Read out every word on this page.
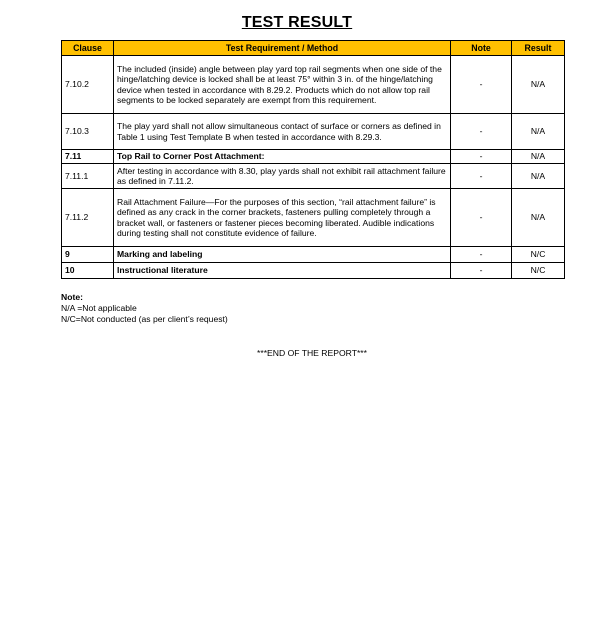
TEST RESULT
Clause	Test Requirement / Method	Note	Result
7.10.2	The included (inside) angle between play yard top rail segments when one side of the hinge/latching device is locked shall be at least 75° within 3 in. of the hinge/latching device when tested in accordance with 8.29.2. Products which do not allow top rail segments to be locked separately are exempt from this requirement.	-	N/A
7.10.3	The play yard shall not allow simultaneous contact of surface or corners as defined in Table 1 using Test Template B when tested in accordance with 8.29.3.	-	N/A
7.11	Top Rail to Corner Post Attachment:	-	N/A
7.11.1	After testing in accordance with 8.30, play yards shall not exhibit rail attachment failure as defined in 7.11.2.	-	N/A
7.11.2	Rail Attachment Failure—For the purposes of this section, “rail attachment failure” is defined as any crack in the corner brackets, fasteners pulling completely through a bracket wall, or fasteners or fastener pieces becoming liberated. Audible indications during testing shall not constitute evidence of failure.	-	N/A
9	Marking and labeling	-	N/C
10	Instructional literature	-	N/C
Note:
N/A =Not applicable
N/C=Not conducted (as per client’s request)
***END OF THE REPORT***
